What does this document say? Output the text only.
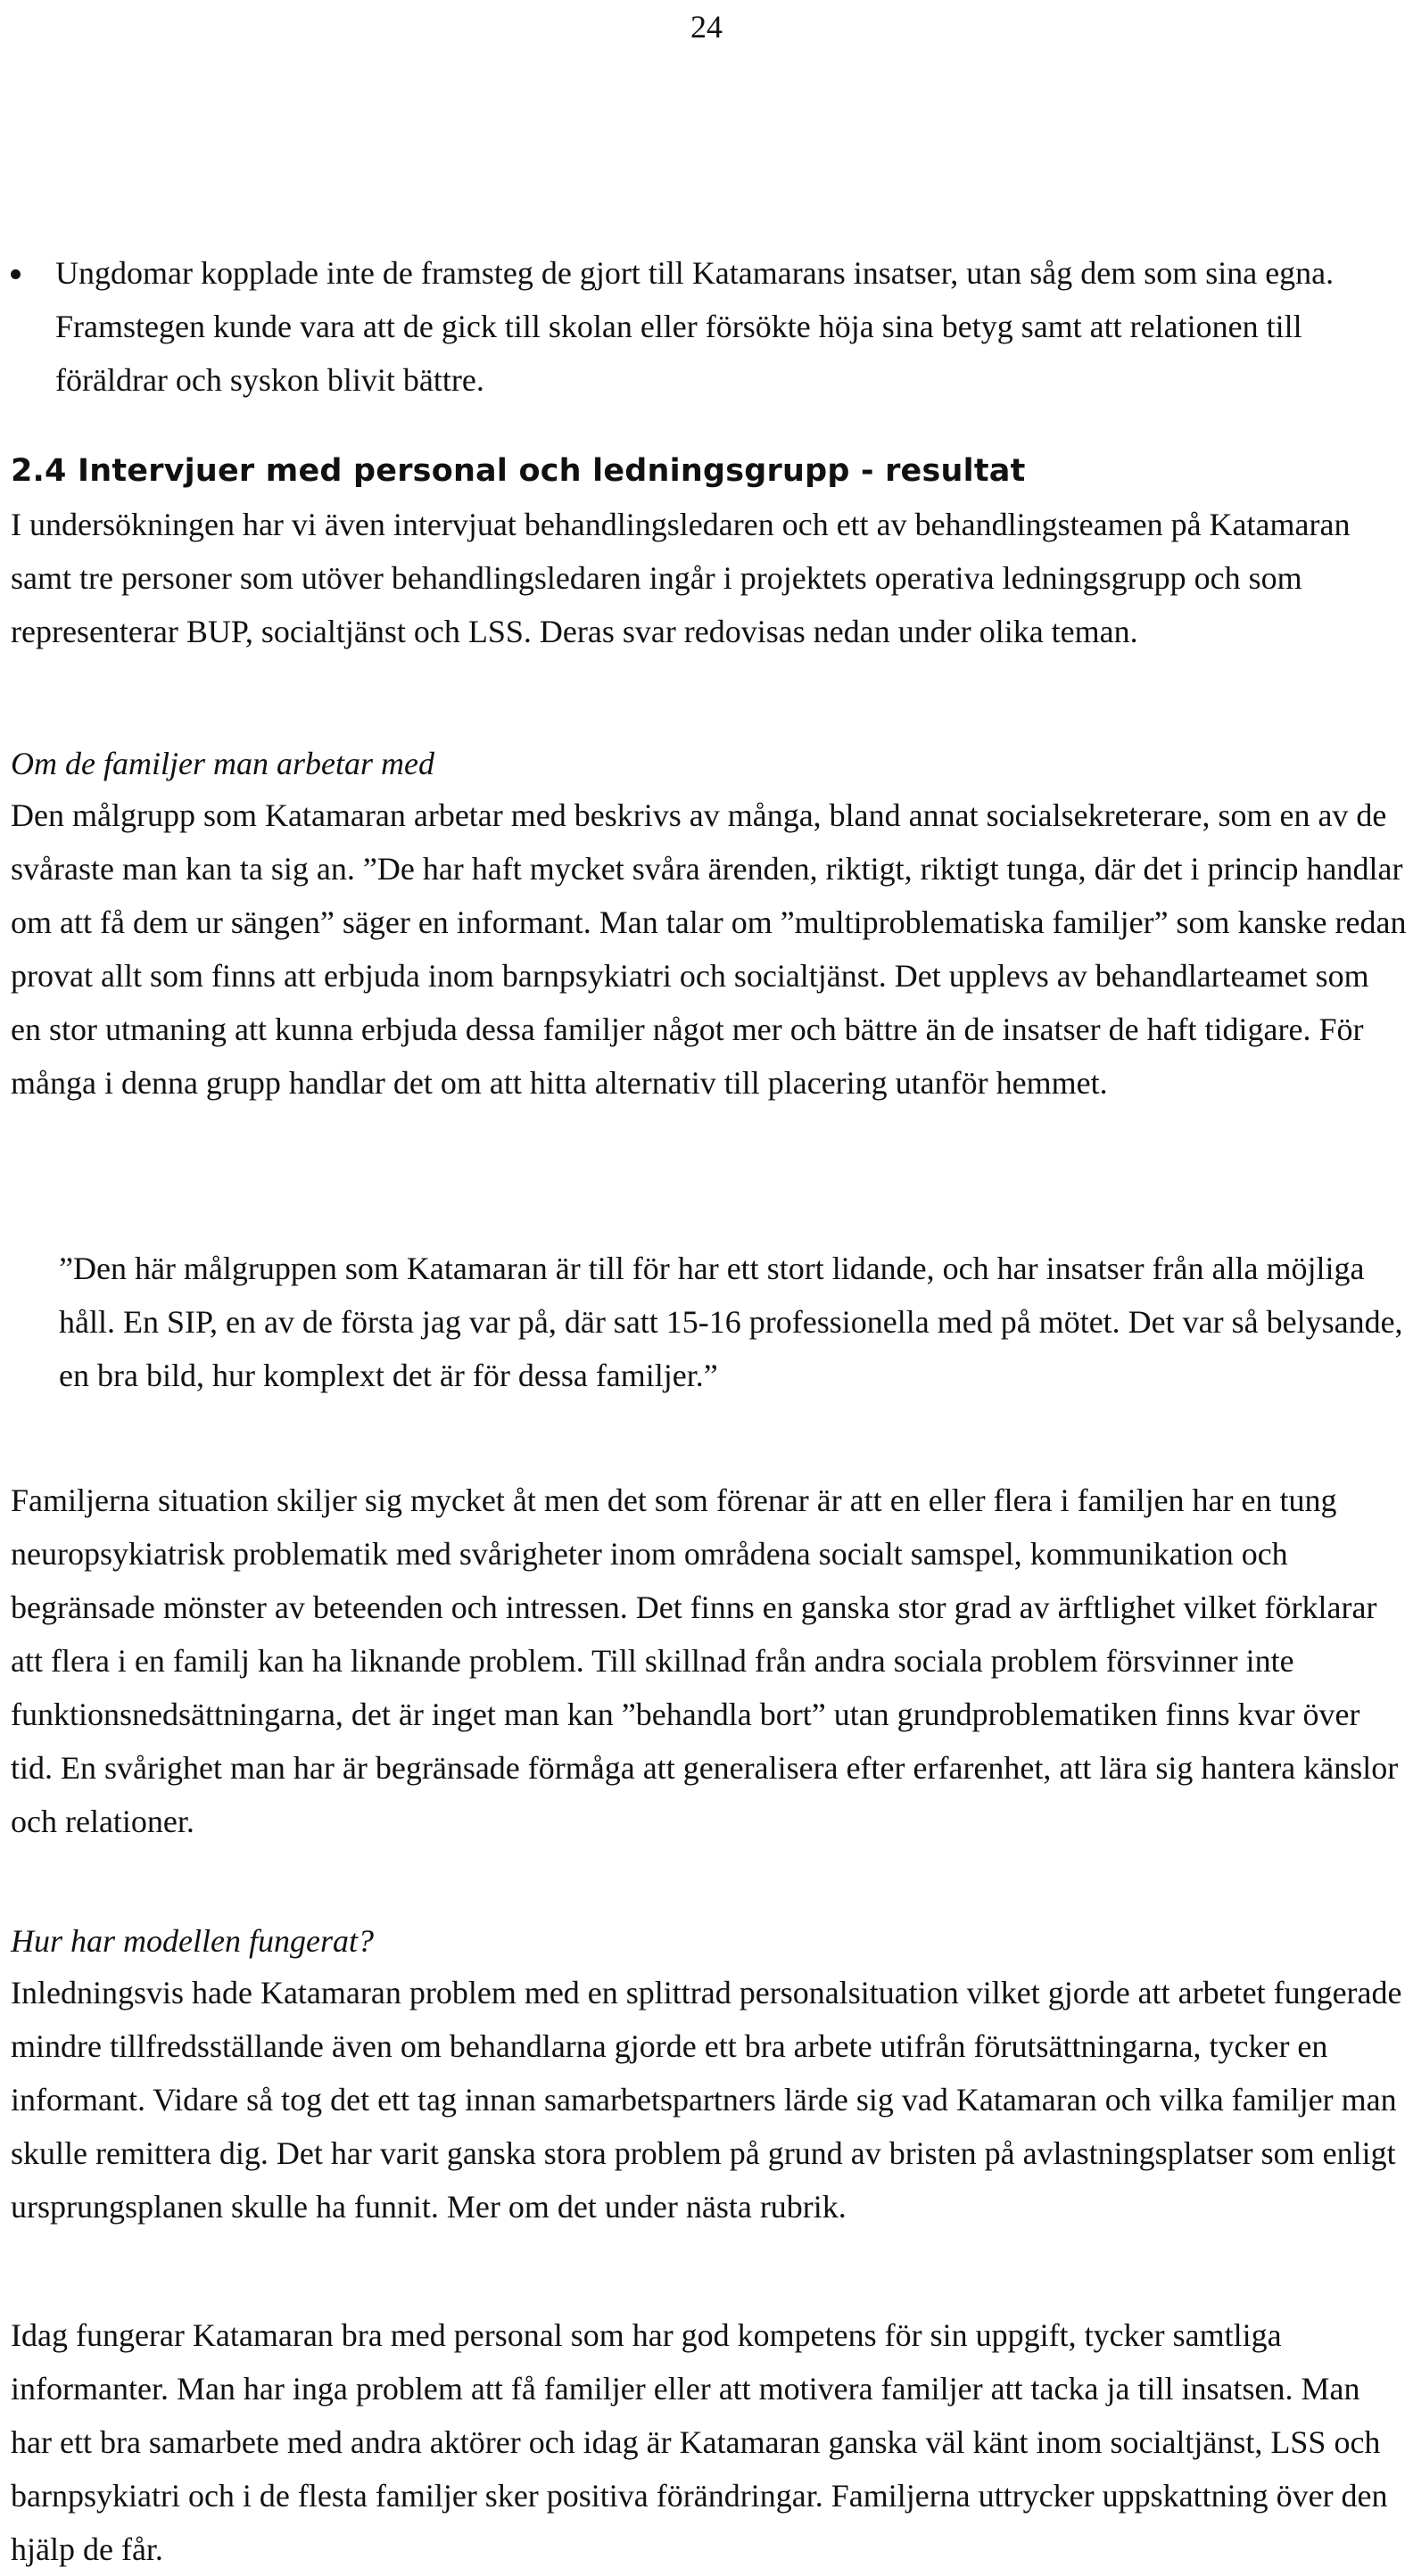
24
Ungdomar kopplade inte de framsteg de gjort till Katamarans insatser, utan såg dem som sina egna. Framstegen kunde vara att de gick till skolan eller försökte höja sina betyg samt att relationen till föräldrar och syskon blivit bättre.
2.4 Intervjuer med personal och ledningsgrupp - resultat

I undersökningen har vi även intervjuat behandlingsledaren och ett av behandlingsteamen på Katamaran samt tre personer som utöver behandlingsledaren ingår i projektets operativa ledningsgrupp och som representerar BUP, socialtjänst och LSS. Deras svar redovisas nedan under olika teman.

Om de familjer man arbetar med

Den målgrupp som Katamaran arbetar med beskrivs av många, bland annat socialsekreterare, som en av de svåraste man kan ta sig an. ”De har haft mycket svåra ärenden, riktigt, riktigt tunga, där det i princip handlar om att få dem ur sängen” säger en informant. Man talar om ”multiproblematiska familjer” som kanske redan provat allt som finns att erbjuda inom barnpsykiatri och socialtjänst. Det upplevs av behandlarteamet som en stor utmaning att kunna erbjuda dessa familjer något mer och bättre än de insatser de haft tidigare. För många i denna grupp handlar det om att hitta alternativ till placering utanför hemmet.

”Den här målgruppen som Katamaran är till för har ett stort lidande, och har insatser från alla möjliga håll. En SIP, en av de första jag var på, där satt 15-16 professionella med på mötet. Det var så belysande, en bra bild, hur komplext det är för dessa familjer.”

Familjerna situation skiljer sig mycket åt men det som förenar är att en eller flera i familjen har en tung neuropsykiatrisk problematik med svårigheter inom områdena socialt samspel, kommunikation och begränsade mönster av beteenden och intressen. Det finns en ganska stor grad av ärftlighet vilket förklarar att flera i en familj kan ha liknande problem. Till skillnad från andra sociala problem försvinner inte funktionsnedsättningarna, det är inget man kan ”behandla bort” utan grundproblematiken finns kvar över tid. En svårighet man har är begränsade förmåga att generalisera efter erfarenhet, att lära sig hantera känslor och relationer.

Hur har modellen fungerat?

Inledningsvis hade Katamaran problem med en splittrad personalsituation vilket gjorde att arbetet fungerade mindre tillfredsställande även om behandlarna gjorde ett bra arbete utifrån förutsättningarna, tycker en informant. Vidare så tog det ett tag innan samarbetspartners lärde sig vad Katamaran och vilka familjer man skulle remittera dig. Det har varit ganska stora problem på grund av bristen på avlastningsplatser som enligt ursprungsplanen skulle ha funnit. Mer om det under nästa rubrik.

Idag fungerar Katamaran bra med personal som har god kompetens för sin uppgift, tycker samtliga informanter. Man har inga problem att få familjer eller att motivera familjer att tacka ja till insatsen. Man har ett bra samarbete med andra aktörer och idag är Katamaran ganska väl känt inom socialtjänst, LSS och barnpsykiatri och i de flesta familjer sker positiva förändringar. Familjerna uttrycker uppskattning över den hjälp de får.
